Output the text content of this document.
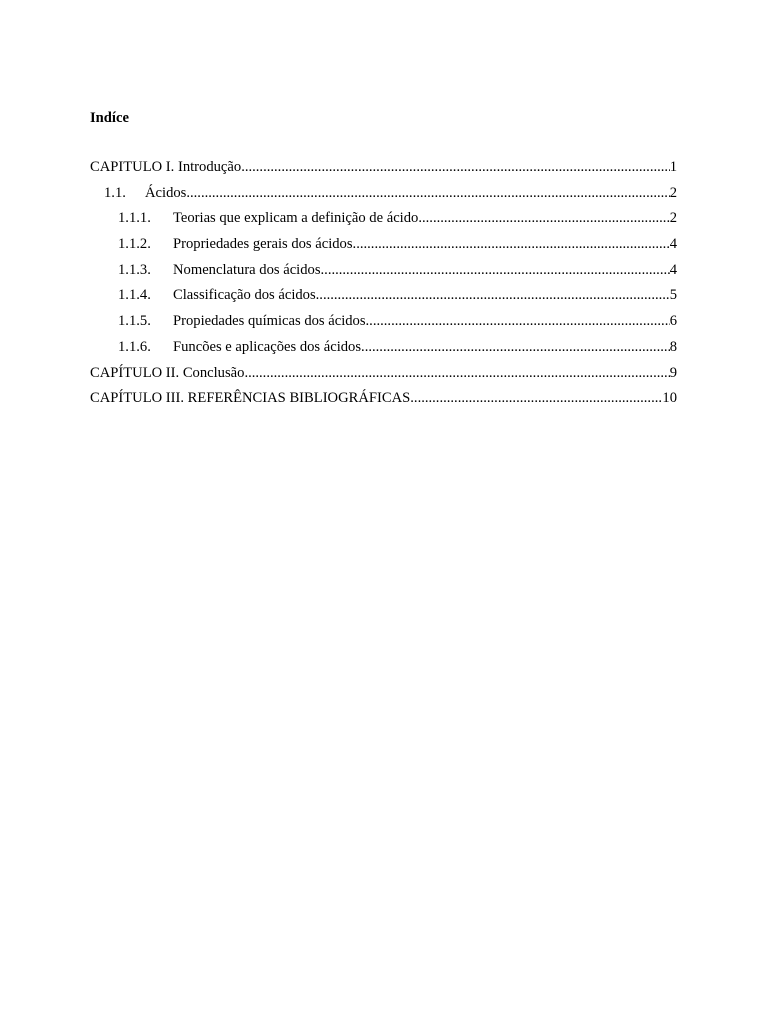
Indíce
CAPITULO I. Introdução .....	1
1.1.	Ácidos .....	2
1.1.1.	Teorias que explicam a definição de ácido .....	2
1.1.2.	Propriedades gerais dos ácidos .....	4
1.1.3.	Nomenclatura dos ácidos .....	4
1.1.4.	Classificação dos ácidos .....	5
1.1.5.	Propiedades químicas dos ácidos .....	6
1.1.6.	Funcões e aplicações dos ácidos .....	8
CAPÍTULO II. Conclusão .....	9
CAPÍTULO III. REFERÊNCIAS BIBLIOGRÁFICAS .....	10
